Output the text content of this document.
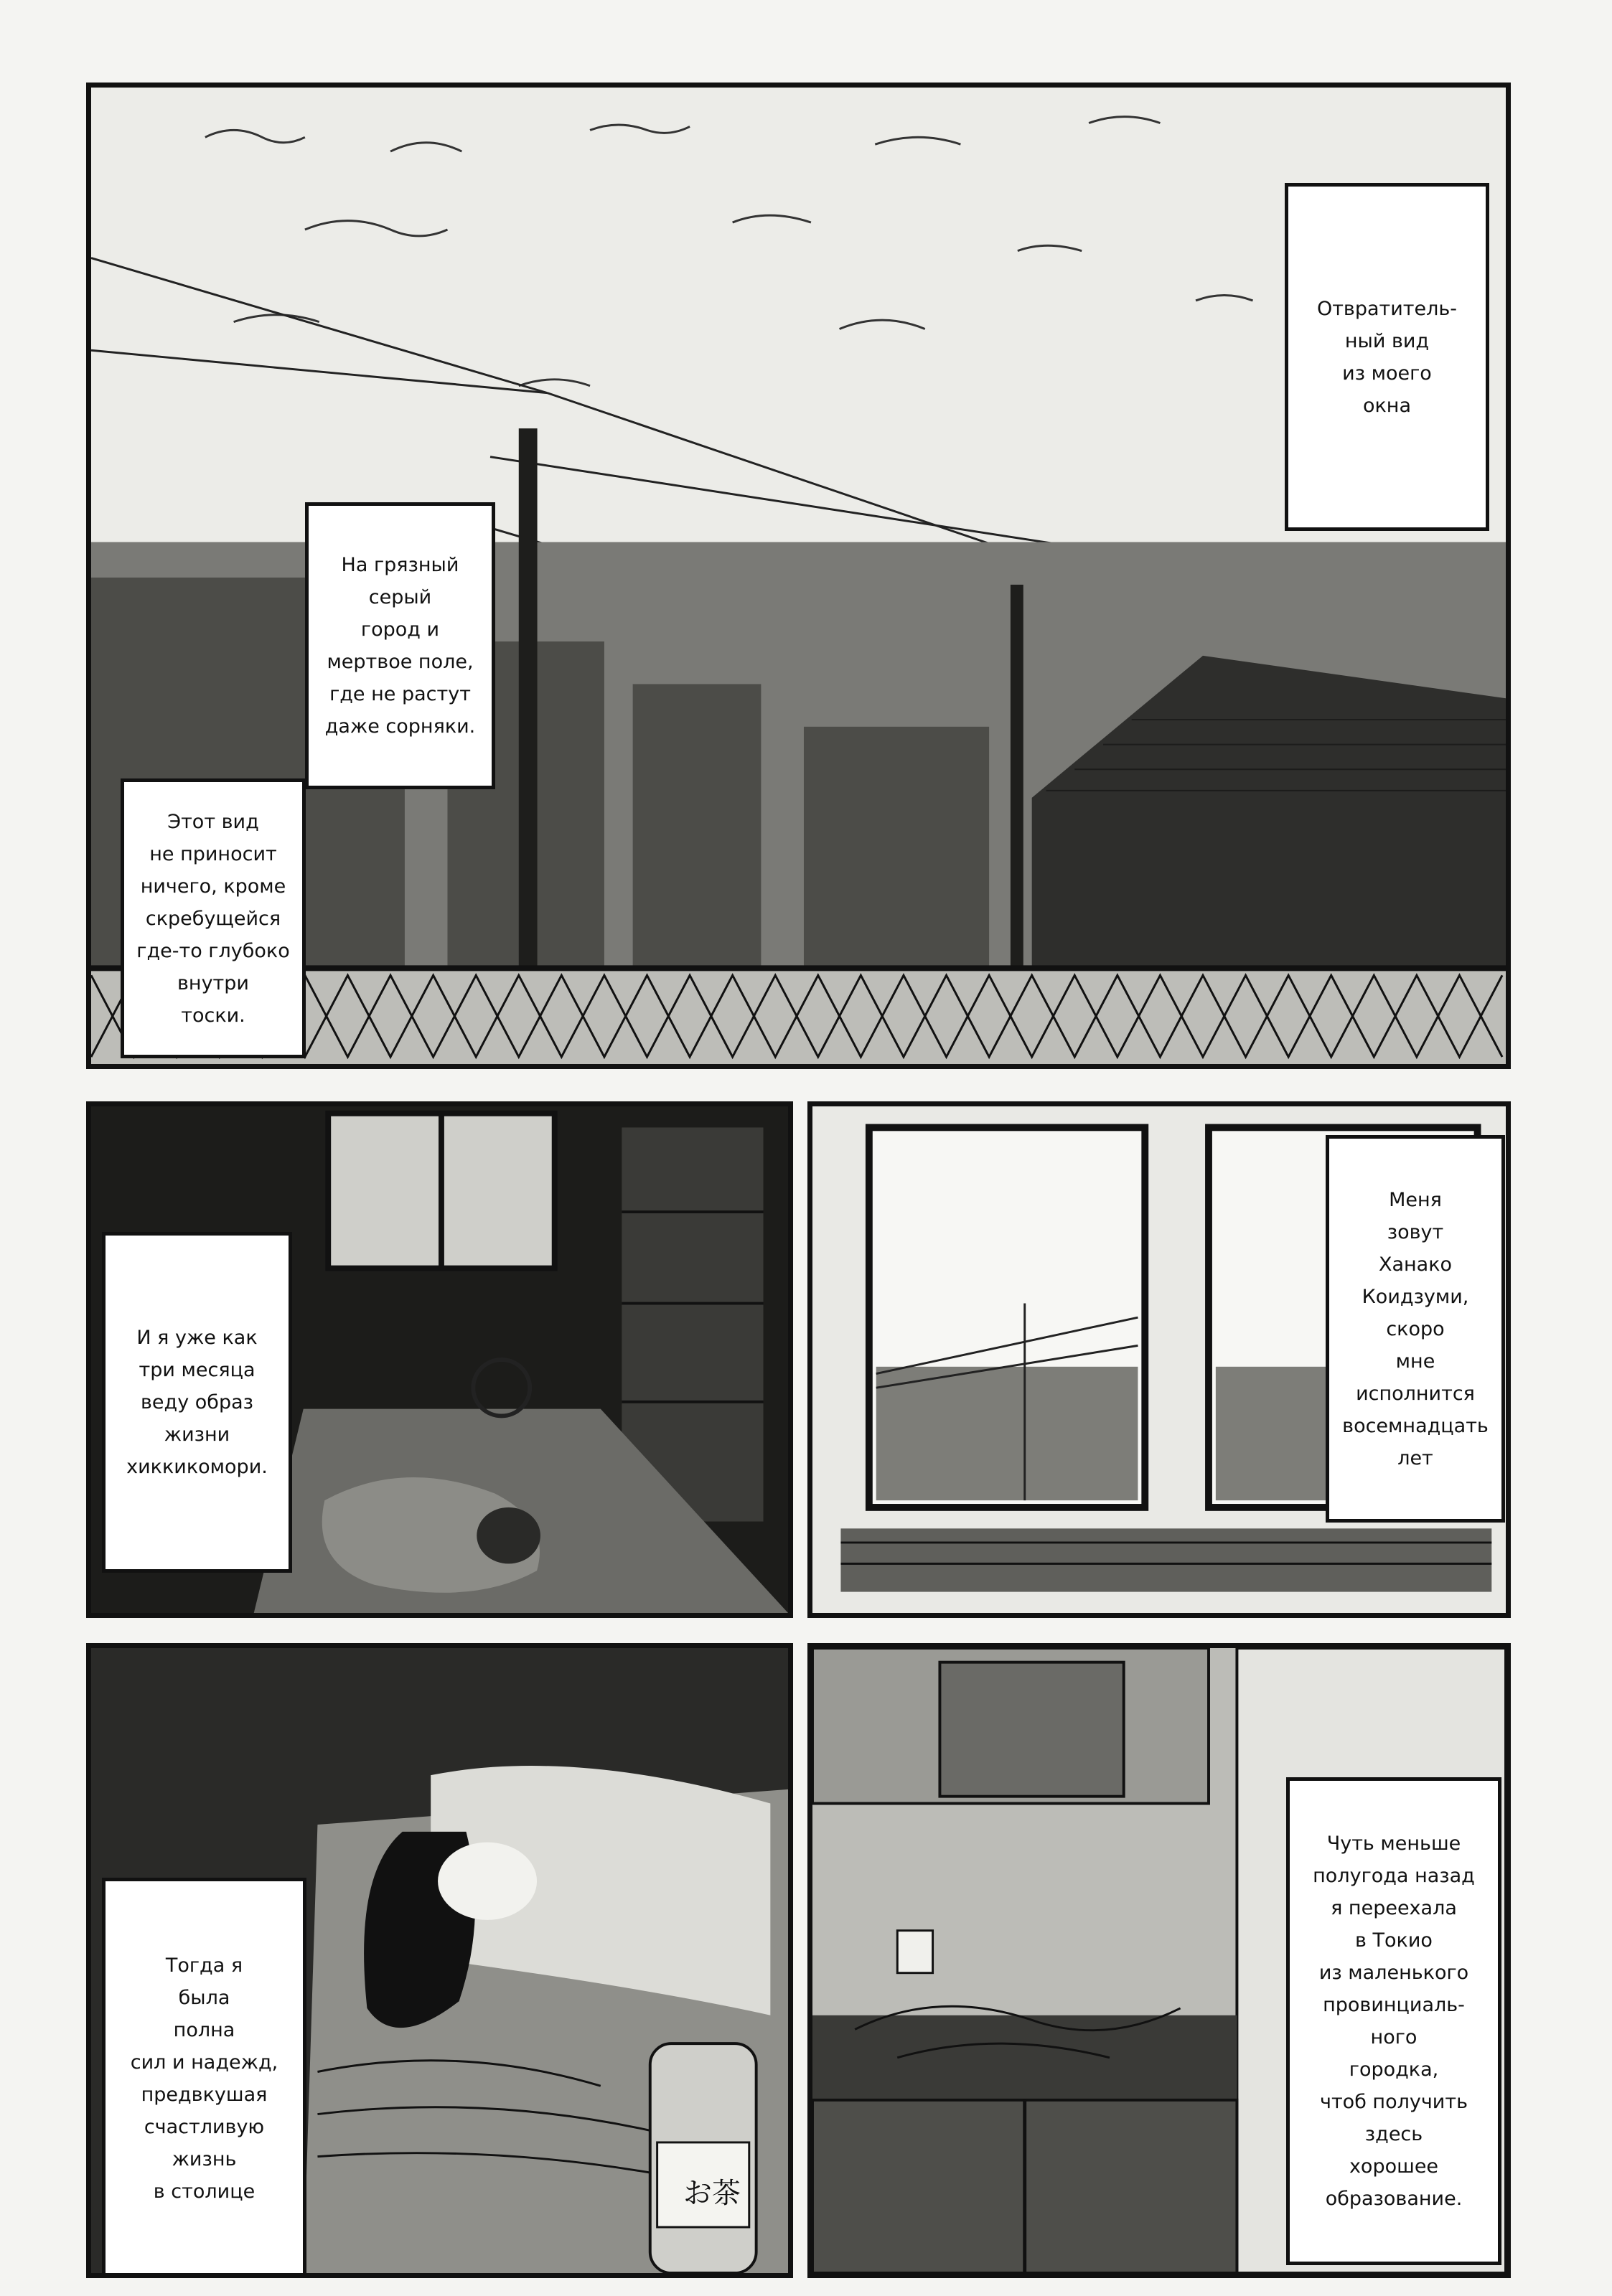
И я уже как
три месяца
веду образ
жизни
хиккикомори.
Меня
зовут
Ханако
Коидзуми,
скоро
мне
исполнится
восемнадцать
лет
Тогда я
была
полна
сил и надежд,
предвкушая
счастливую
жизнь
в столице	お茶
Чуть меньше
полугода назад
я переехала
в Токио
из маленького
провинциаль-
ного
городка,
чтоб получить
здесь
хорошее
образование.
Отвратитель-
ный вид
из моего
окна
На грязный
серый
город и
мертвое поле,
где не растут
даже сорняки.
Этот вид
не приносит
ничего, кроме
скребущейся
где-то глубоко
внутри
тоски.
